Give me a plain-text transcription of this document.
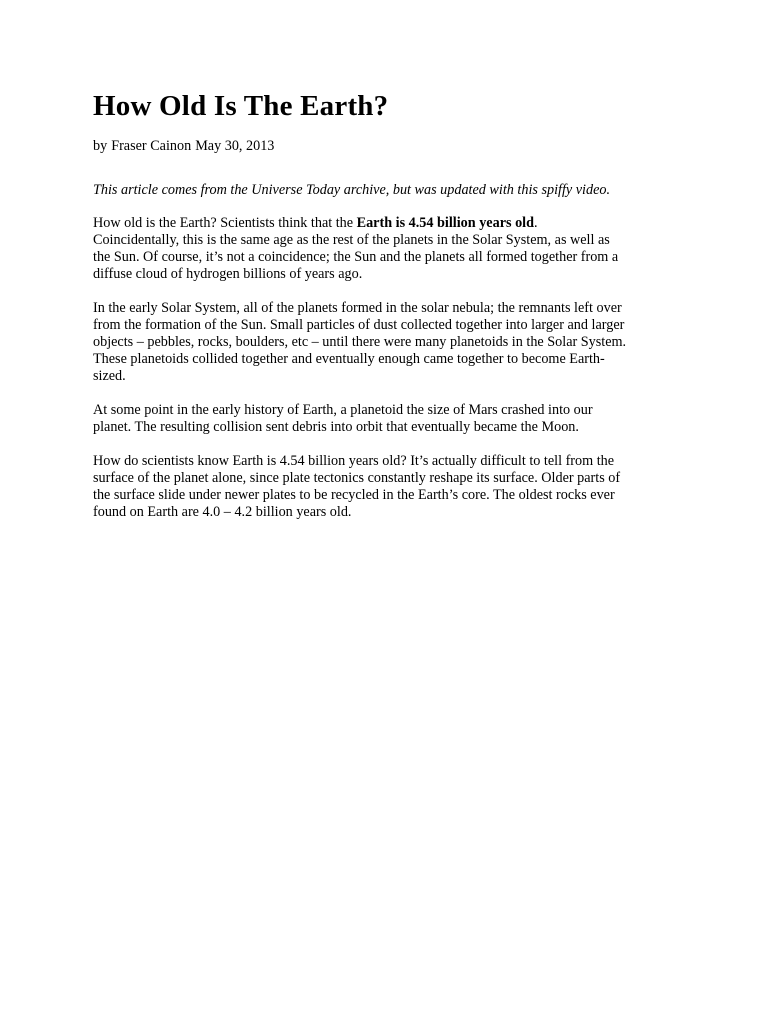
How Old Is The Earth?
by Fraser Cainon May 30, 2013

This article comes from the Universe Today archive, but was updated with this spiffy video.

How old is the Earth? Scientists think that the Earth is 4.54 billion years old.
Coincidentally, this is the same age as the rest of the planets in the Solar System, as well as
the Sun. Of course, it’s not a coincidence; the Sun and the planets all formed together from a
diffuse cloud of hydrogen billions of years ago.

In the early Solar System, all of the planets formed in the solar nebula; the remnants left over
from the formation of the Sun. Small particles of dust collected together into larger and larger
objects – pebbles, rocks, boulders, etc – until there were many planetoids in the Solar System.
These planetoids collided together and eventually enough came together to become Earth-
sized.

At some point in the early history of Earth, a planetoid the size of Mars crashed into our
planet. The resulting collision sent debris into orbit that eventually became the Moon.

How do scientists know Earth is 4.54 billion years old? It’s actually difficult to tell from the
surface of the planet alone, since plate tectonics constantly reshape its surface. Older parts of
the surface slide under newer plates to be recycled in the Earth’s core. The oldest rocks ever
found on Earth are 4.0 – 4.2 billion years old.
